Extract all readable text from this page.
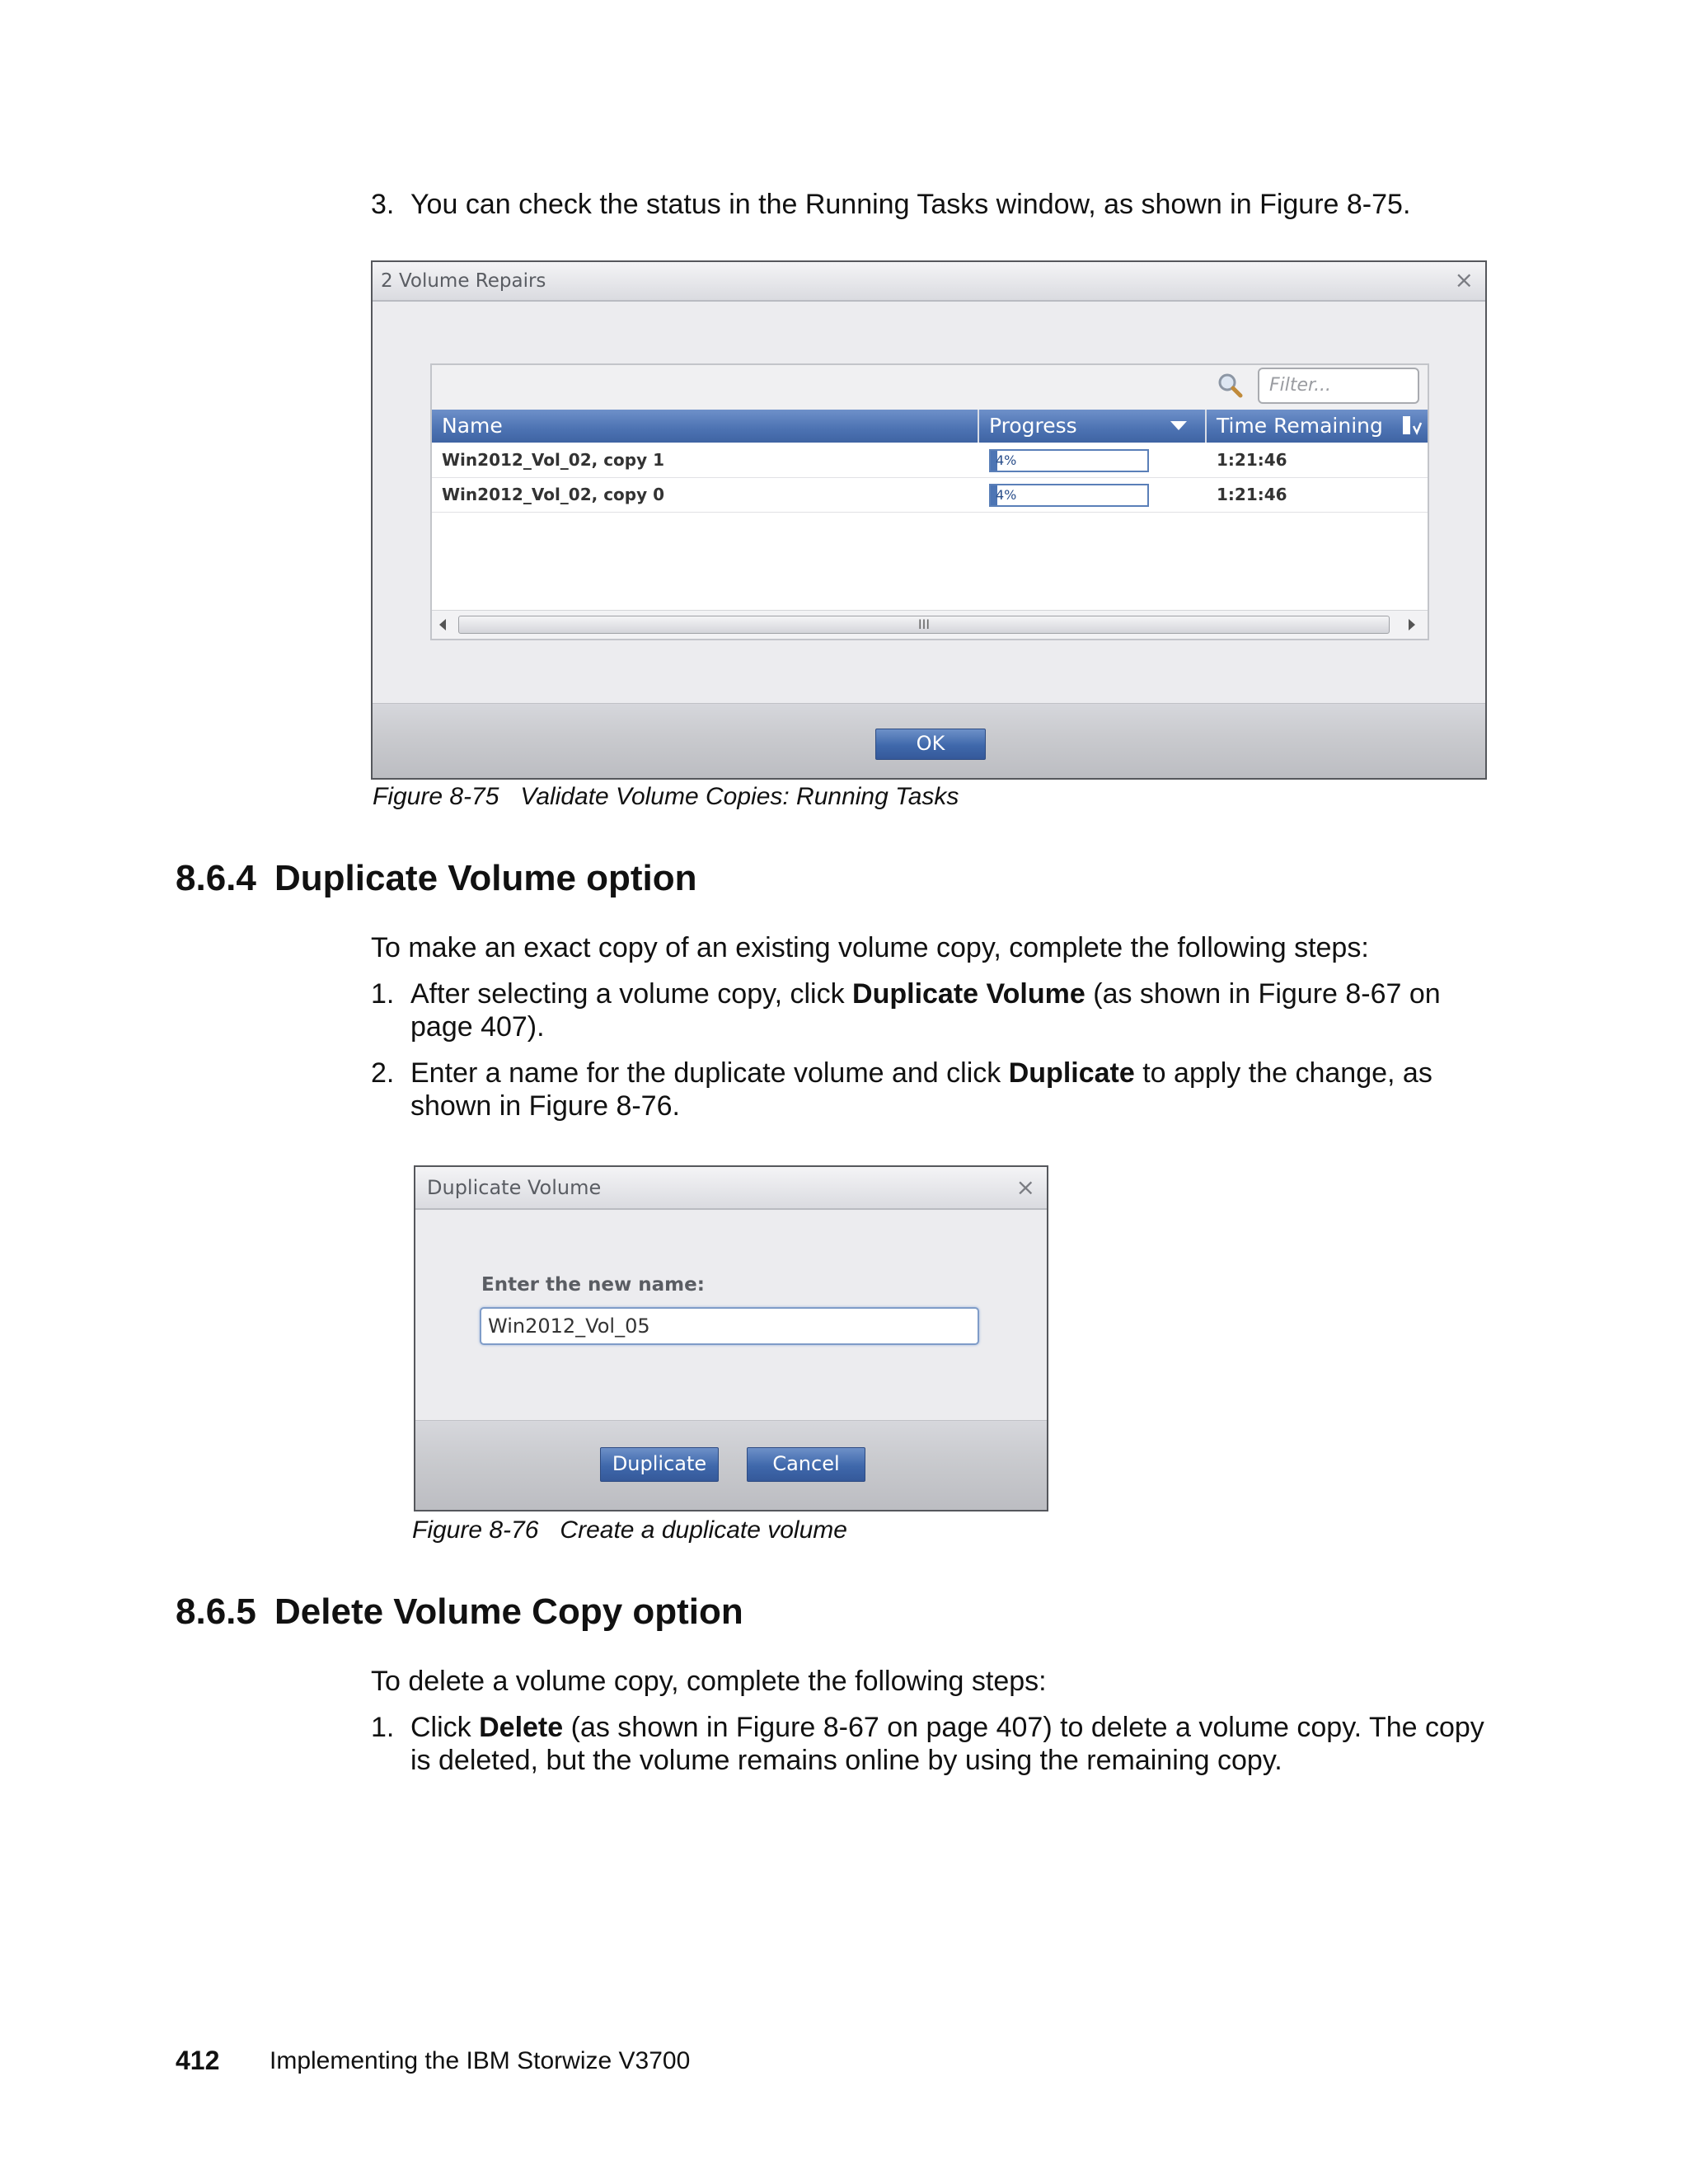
3. You can check the status in the Running Tasks window, as shown in Figure 8-75.
2 Volume Repairs	×
Filter...
Name	Progress	Time Remaining
Win2012_Vol_02, copy 1	4%	1:21:46
Win2012_Vol_02, copy 0	4%	1:21:46
III
OK
Figure 8-75 Validate Volume Copies: Running Tasks
8.6.4 Duplicate Volume option
To make an exact copy of an existing volume copy, complete the following steps:
1. After selecting a volume copy, click Duplicate Volume (as shown in Figure 8-67 on page 407).
2. Enter a name for the duplicate volume and click Duplicate to apply the change, as shown in Figure 8-76.
Duplicate Volume	×
Enter the new name:
Win2012_Vol_05
Duplicate	Cancel
Figure 8-76 Create a duplicate volume
8.6.5 Delete Volume Copy option
To delete a volume copy, complete the following steps:
1. Click Delete (as shown in Figure 8-67 on page 407) to delete a volume copy. The copy is deleted, but the volume remains online by using the remaining copy.
412 Implementing the IBM Storwize V3700
